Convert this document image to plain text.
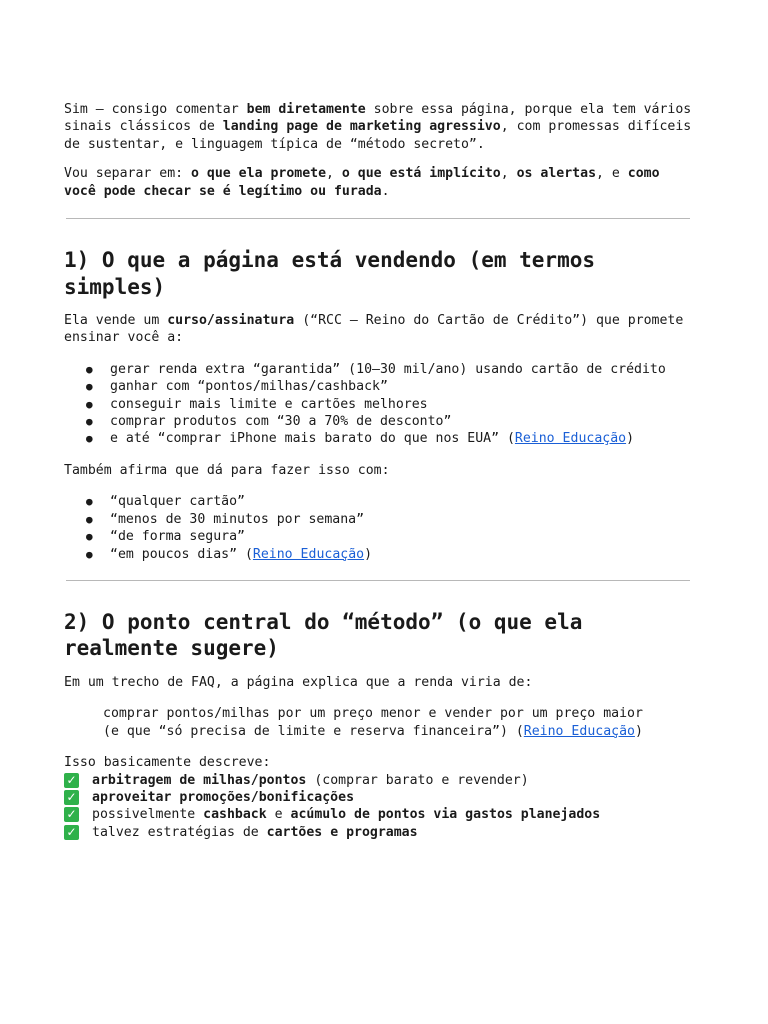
Sim — consigo comentar bem diretamente sobre essa página, porque ela tem vários sinais clássicos de landing page de marketing agressivo, com promessas difíceis de sustentar, e linguagem típica de “método secreto”.

Vou separar em: o que ela promete, o que está implícito, os alertas, e como você pode checar se é legítimo ou furada.

1) O que a página está vendendo (em termos simples)

Ela vende um curso/assinatura (“RCC — Reino do Cartão de Crédito”) que promete ensinar você a:

● gerar renda extra “garantida” (10–30 mil/ano) usando cartão de crédito
● ganhar com “pontos/milhas/cashback”
● conseguir mais limite e cartões melhores
● comprar produtos com “30 a 70% de desconto”
● e até “comprar iPhone mais barato do que nos EUA” (Reino Educação)

Também afirma que dá para fazer isso com:

● “qualquer cartão”
● “menos de 30 minutos por semana”
● “de forma segura”
● “em poucos dias” (Reino Educação)
2) O ponto central do “método” (o que ela realmente sugere)

Em um trecho de FAQ, a página explica que a renda viria de:

comprar pontos/milhas por um preço menor e vender por um preço maior

(e que “só precisa de limite e reserva financeira”) (Reino Educação)

Isso basicamente descreve:

✓ arbitragem de milhas/pontos (comprar barato e revender)
✓ aproveitar promoções/bonificações
✓ possivelmente cashback e acúmulo de pontos via gastos planejados
✓ talvez estratégias de cartões e programas
